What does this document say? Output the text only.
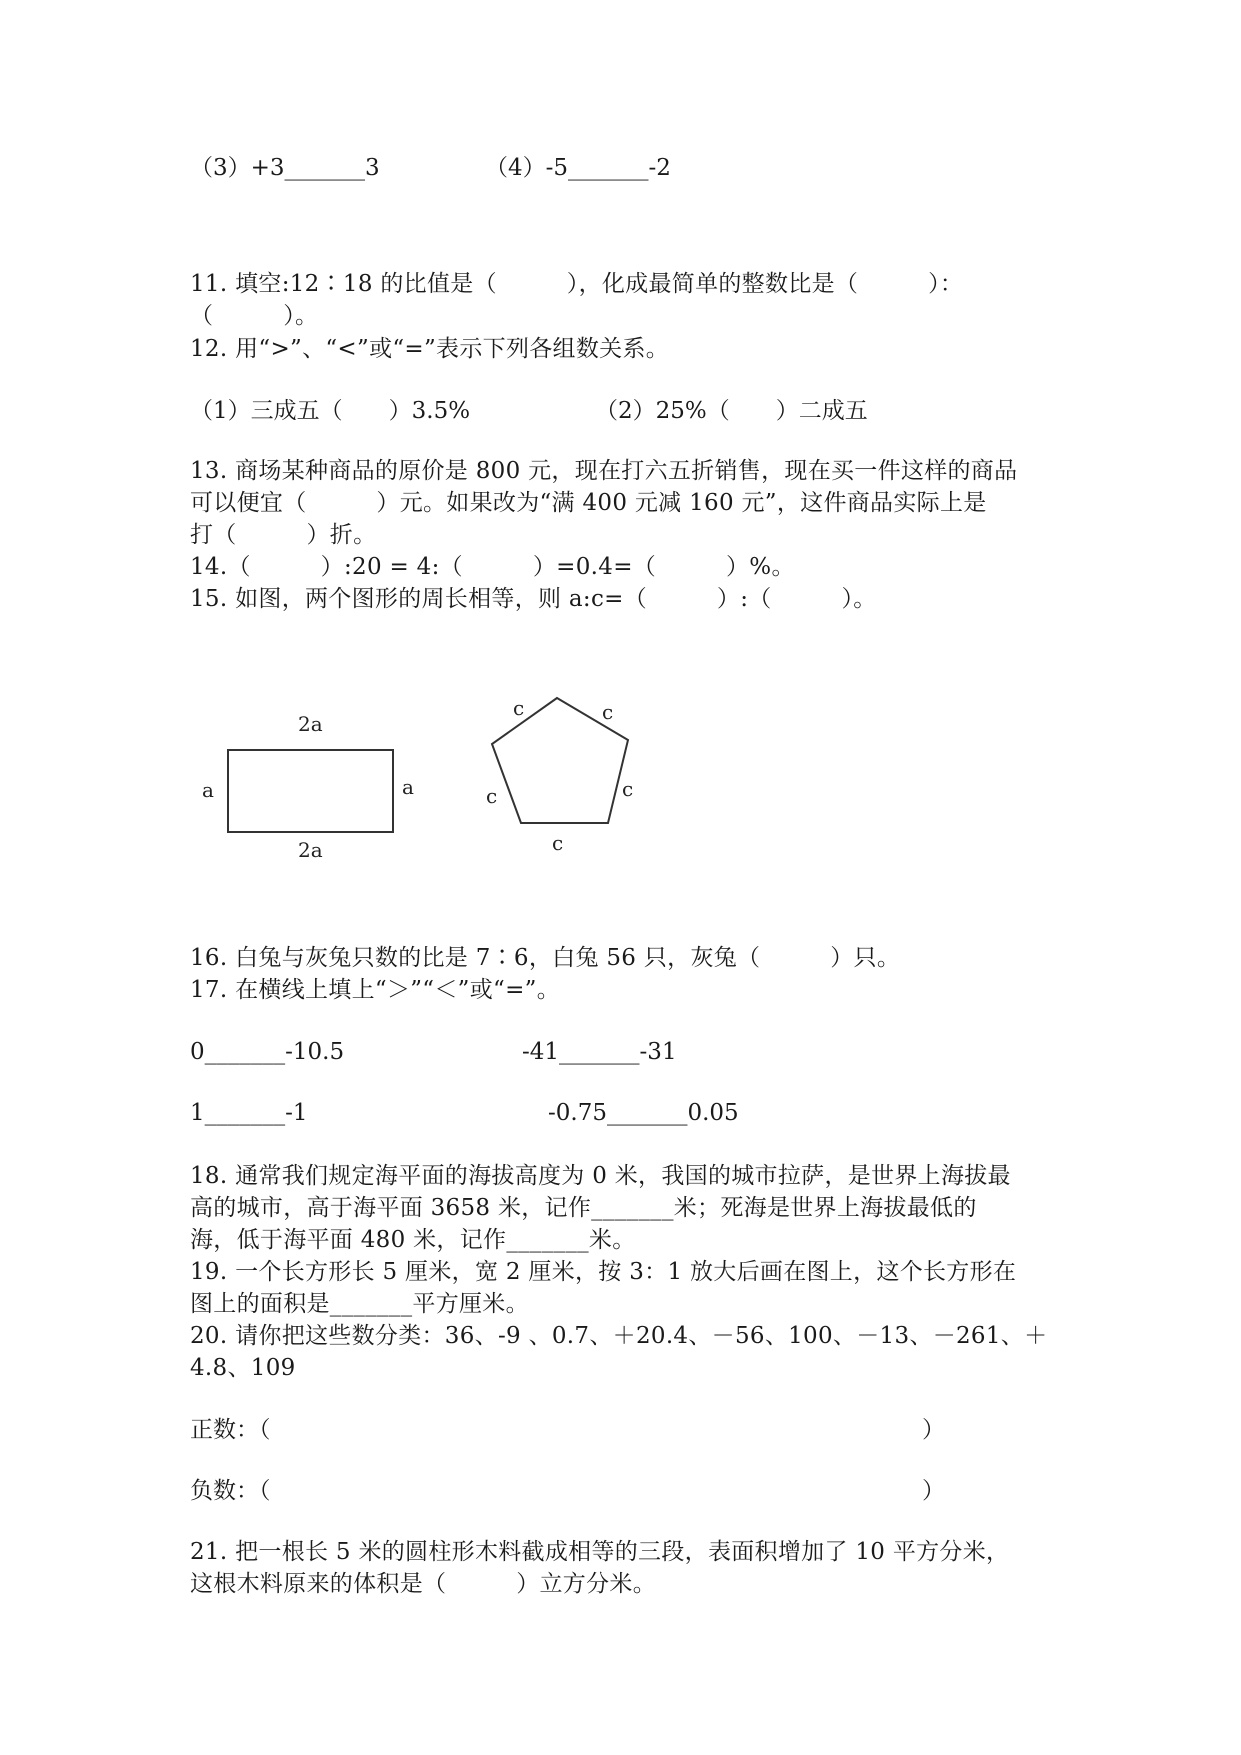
（3）+3_______3	（4）-5_______-2

11. 填空:12∶18 的比值是（　　　），化成最简单的整数比是（　　　）：

（　　　）。

12. 用“>”、“<”或“=”表示下列各组数关系。

（1）三成五（　　）3.5%	（2）25%（　　）二成五

13. 商场某种商品的原价是 800 元，现在打六五折销售，现在买一件这样的商品

可以便宜（　　　）元。如果改为“满 400 元减 160 元”，这件商品实际上是

打（　　　）折。

14.（　　　）:20 = 4:（　　　）=0.4=（　　　）%。

15. 如图，两个图形的周长相等，则 a:c=（　　　）:（　　　）。

2a
2a
a	a
c	c
c	c
c

16. 白兔与灰兔只数的比是 7∶6，白兔 56 只，灰兔（　　　）只。

17. 在横线上填上“＞”“＜”或“=”。

0_______-10.5	-41_______-31
1_______-1	-0.75_______0.05

18. 通常我们规定海平面的海拔高度为 0 米，我国的城市拉萨，是世界上海拔最

高的城市，高于海平面 3658 米，记作_______米；死海是世界上海拔最低的

海，低于海平面 480 米，记作_______米。

19. 一个长方形长 5 厘米，宽 2 厘米，按 3：1 放大后画在图上，这个长方形在

图上的面积是_______平方厘米。

20. 请你把这些数分类：36、-9 、0.7、＋20.4、－56、100、－13、－261、＋

4.8、109

正数：（	）
负数：（	）

21. 把一根长 5 米的圆柱形木料截成相等的三段，表面积增加了 10 平方分米，

这根木料原来的体积是（　　　）立方分米。
